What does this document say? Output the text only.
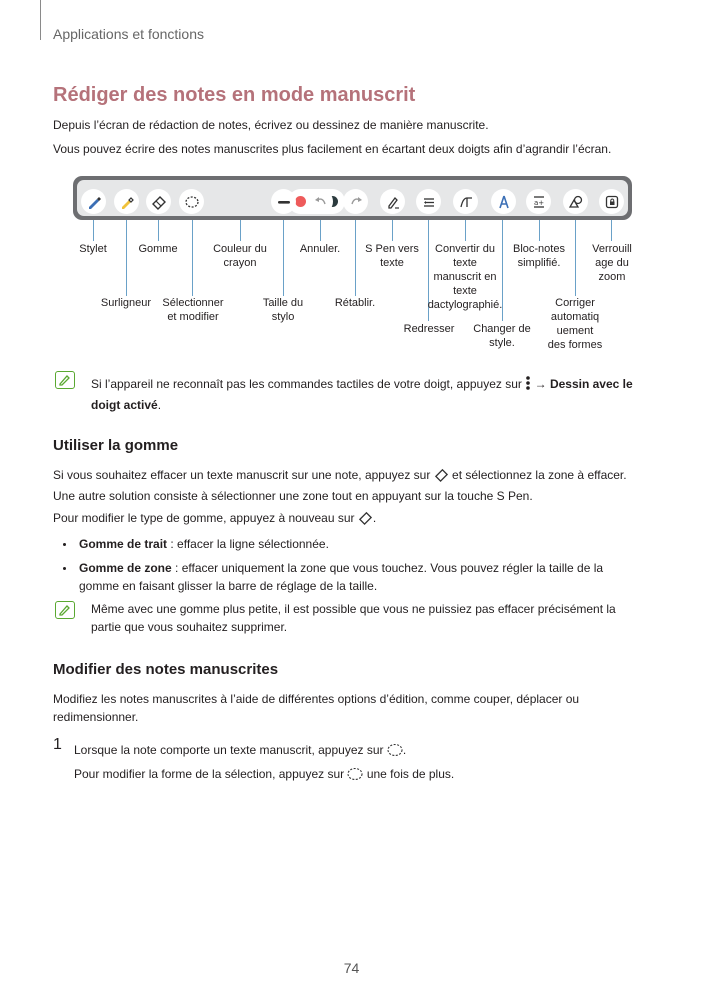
Applications et fonctions
Rédiger des notes en mode manuscrit
Depuis l’écran de rédaction de notes, écrivez ou dessinez de manière manuscrite.
Vous pouvez écrire des notes manuscrites plus facilement en écartant deux doigts afin d’agrandir l’écran.
a+
Stylet	Gomme	Couleur du
crayon
Annuler.	S Pen vers
texte
Convertir du
texte
manuscrit en
texte
dactylographié.
Bloc-notes
simplifié.
Verrouill
age du
zoom
Surligneur	Sélectionner
et modifier
Taille du
stylo
Rétablir.
Redresser	Changer de
style.
Corriger
automatiq
uement
des formes
Si l’appareil ne reconnaît pas les commandes tactiles de votre doigt, appuyez sur → Dessin avec le
doigt activé.
Utiliser la gomme
Si vous souhaitez effacer un texte manuscrit sur une note, appuyez sur et sélectionnez la zone à effacer.
Une autre solution consiste à sélectionner une zone tout en appuyant sur la touche S Pen.
Pour modifier le type de gomme, appuyez à nouveau sur .
Gomme de trait : effacer la ligne sélectionnée.
Gomme de zone : effacer uniquement la zone que vous touchez. Vous pouvez régler la taille de la
gomme en faisant glisser la barre de réglage de la taille.
Même avec une gomme plus petite, il est possible que vous ne puissiez pas effacer précisément la
partie que vous souhaitez supprimer.
Modifier des notes manuscrites
Modifiez les notes manuscrites à l’aide de différentes options d’édition, comme couper, déplacer ou
redimensionner.
1 Lorsque la note comporte un texte manuscrit, appuyez sur .
Pour modifier la forme de la sélection, appuyez sur une fois de plus.
74
